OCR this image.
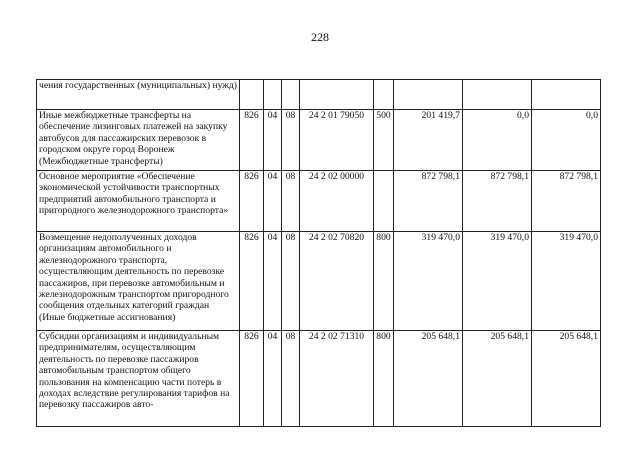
228
чения государственных (муниципальных) нужд)								
Иные межбюджетные трансферты на обеспечение лизинговых платежей на закупку автобусов для пассажирских перевозок в городском округе город Воронеж (Межбюджетные трансферты)	826	04	08	24 2 01 79050	500	201 419,7	0,0	0,0
Основное мероприятие «Обеспечение экономической устойчивости транспортных предприятий автомобильного транспорта и пригородного железнодорожного транспорта»	826	04	08	24 2 02 00000		872 798,1	872 798,1	872 798,1
Возмещение недополученных доходов организациям автомобильного и железнодорожного транспорта, осуществляющим деятельность по перевозке пассажиров, при перевозке автомобильным и железнодорожным транспортом пригородного сообщения отдельных категорий граждан (Иные бюджетные ассигнования)	826	04	08	24 2 02 70820	800	319 470,0	319 470,0	319 470,0
Субсидии организациям и индивидуальным предпринимателям, осуществляющим деятельность по перевозке пассажиров автомобильным транспортом общего пользования на компенсацию части потерь в доходах вследствие регулирования тарифов на перевозку пассажиров авто-	826	04	08	24 2 02 71310	800	205 648,1	205 648,1	205 648,1
